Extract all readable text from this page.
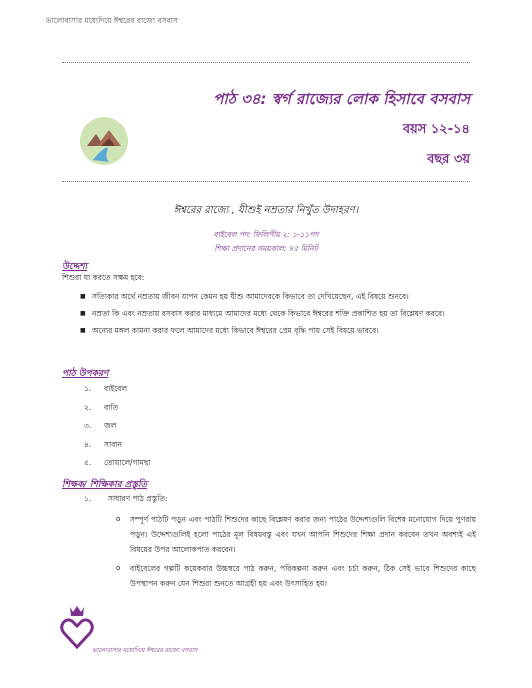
ভালোবাসার মধ্যেদিয়ে ঈশ্বরের রাজ্যে বসবাস
পাঠ ৩৪: স্বর্গ রাজ্যের লোক হিসাবে বসবাস
বয়স ১২-১৪
বছর ৩য়
ঈশ্বরের রাজ্যে , যীশুই নম্রতার নিখুঁত উদাহরণ।
বাইবেল পদ: ফিলিপীয় ২: ১-১১পদ
শিক্ষা প্রদানের সময়কাল: ৪৫ মিনিট
উদ্দেশ্য
শিশুরা যা করতে সক্ষম হবে:
■ সত্যিকার অর্থে নম্রতায় জীবন যাপন কেমন হয় যীশু আমাদেরকে কিভাবে তা দেখিয়েছেন, এই বিষয়ে শুনবে।
■ নম্রতা কি এবং নম্রতায় বসবাস করার মাধ্যমে আমাদের মধ্যে থেকে কিভাবে ঈশ্বরের শক্তি প্রকাশিত হয় তা বিশ্লেষণ করবে।
■ অন্যের মঙ্গল কামনা করার ফলে আমাদের মধ্যে কিভাবে ঈশ্বরের প্রেম বৃদ্ধি পায় সেই বিষয়ে ভাববে।
পাঠ উপকরণ
১.	বাইবেল
২.	বাতি
৩.	জল
৪.	সাবান
৫.	তোয়ালে/গামছা
শিক্ষক/ শিক্ষিকার প্রস্তুতি
১. সাধারণ পাঠ প্রস্তুতি:
o সম্পূর্ণ পাঠটি পড়ুন এবং পাঠটি শিশুদের কাছে বিশ্লেষণ করার জন্য পাঠের উদ্দেশ্যগুলি বিশেষ মনোযোগ দিয়ে পুণরায় পড়ুন। উদ্দেশ্যগুলিই হলো পাঠের মূল বিষয়বস্তু এবং যখন আপনি শিশুদের শিক্ষা প্রদান করবেন তখন অবশ্যই এই বিষয়ের উপর আলোকপাত করবেন।
o বাইবেলের গল্পটি কয়েকবার উচ্চস্বরে পাঠ করুন, পরিকল্পনা করুন এবং চর্চা করুন, ঠিক সেই ভাবে শিশুদের কাছে উপস্থাপন করুন যেন শিশুরা শুনতে আগ্রহী হয় এবং উৎসাহিত হয়।
ভালোবাসার মধ্যেদিয়ে ঈশ্বরের রাজ্যে বসবাস
